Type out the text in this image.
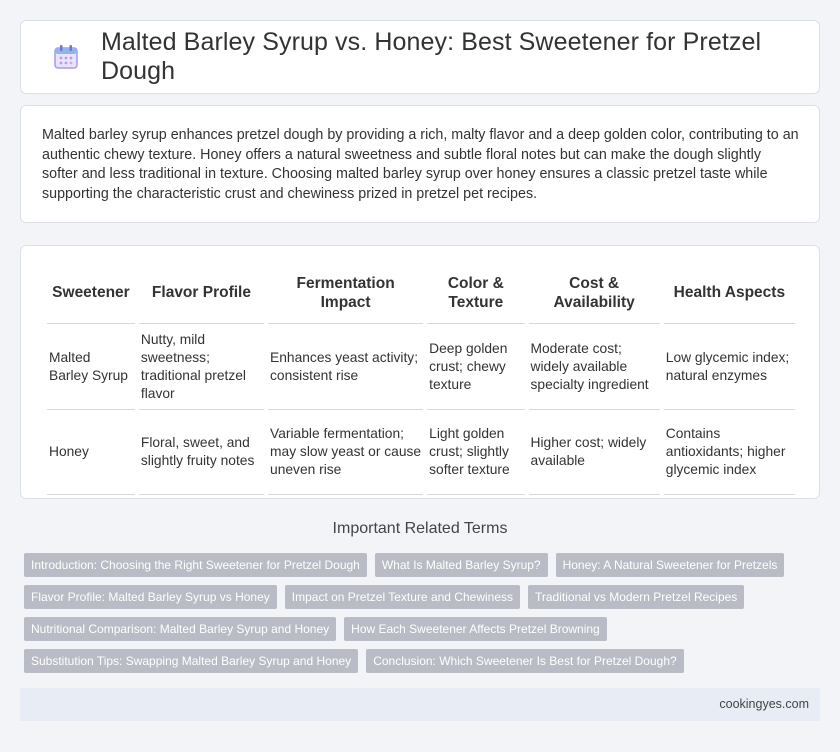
Malted Barley Syrup vs. Honey: Best Sweetener for Pretzel Dough

Malted barley syrup enhances pretzel dough by providing a rich, malty flavor and a deep golden color, contributing to an authentic chewy texture. Honey offers a natural sweetness and subtle floral notes but can make the dough slightly softer and less traditional in texture. Choosing malted barley syrup over honey ensures a classic pretzel taste while supporting the characteristic crust and chewiness prized in pretzel pet recipes.

Sweetener	Flavor Profile	Fermentation Impact	Color & Texture	Cost & Availability	Health Aspects
Malted Barley Syrup	Nutty, mild sweetness; traditional pretzel flavor	Enhances yeast activity; consistent rise	Deep golden crust; chewy texture	Moderate cost; widely available specialty ingredient	Low glycemic index; natural enzymes
Honey	Floral, sweet, and slightly fruity notes	Variable fermentation; may slow yeast or cause uneven rise	Light golden crust; slightly softer texture	Higher cost; widely available	Contains antioxidants; higher glycemic index
Important Related Terms
Introduction: Choosing the Right Sweetener for Pretzel Dough	What Is Malted Barley Syrup?	Honey: A Natural Sweetener for Pretzels
Flavor Profile: Malted Barley Syrup vs Honey	Impact on Pretzel Texture and Chewiness	Traditional vs Modern Pretzel Recipes
Nutritional Comparison: Malted Barley Syrup and Honey	How Each Sweetener Affects Pretzel Browning
Substitution Tips: Swapping Malted Barley Syrup and Honey	Conclusion: Which Sweetener Is Best for Pretzel Dough?
cookingyes.com
